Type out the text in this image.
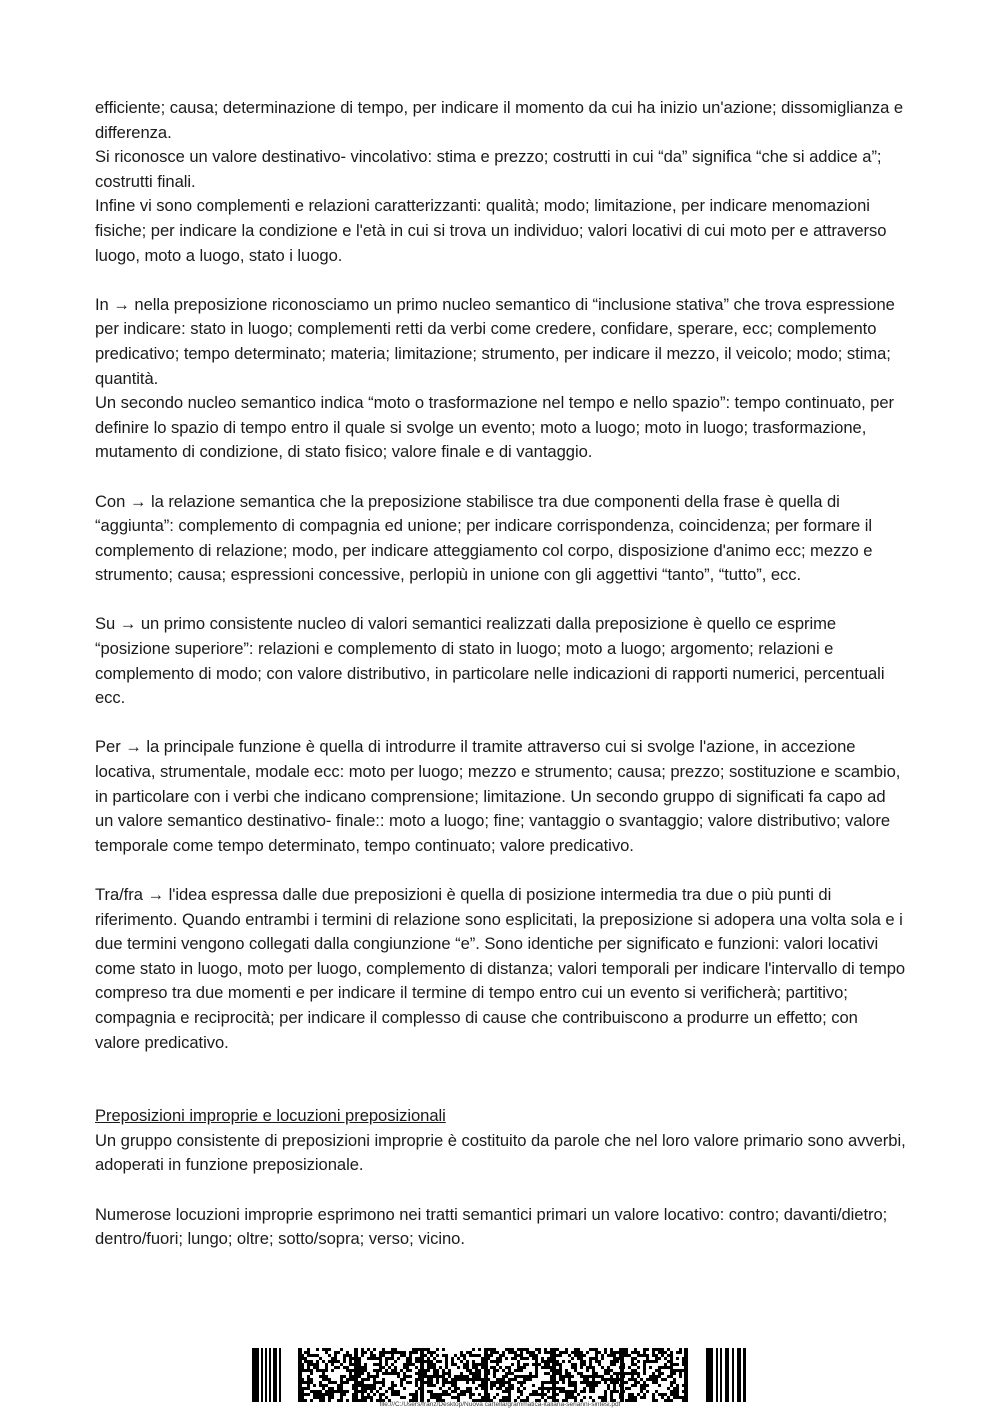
efficiente; causa; determinazione di tempo, per indicare il momento da cui ha inizio un'azione; dissomiglianza e differenza.
Si riconosce un valore destinativo- vincolativo: stima e prezzo; costrutti in cui “da” significa “che si addice a”; costrutti finali.
Infine vi sono complementi e relazioni caratterizzanti: qualità; modo; limitazione, per indicare menomazioni fisiche; per indicare la condizione e l'età in cui si trova un individuo; valori locativi di cui moto per e attraverso luogo, moto a luogo, stato i luogo.

In → nella preposizione riconosciamo un primo nucleo semantico di “inclusione stativa” che trova espressione per indicare: stato in luogo; complementi retti da verbi come credere, confidare, sperare, ecc; complemento predicativo; tempo determinato; materia; limitazione; strumento, per indicare il mezzo, il veicolo; modo; stima; quantità.
Un secondo nucleo semantico indica “moto o trasformazione nel tempo e nello spazio”: tempo continuato, per definire lo spazio di tempo entro il quale si svolge un evento; moto a luogo; moto in luogo; trasformazione, mutamento di condizione, di stato fisico; valore finale e di vantaggio.

Con → la relazione semantica che la preposizione stabilisce tra due componenti della frase è quella di “aggiunta”: complemento di compagnia ed unione; per indicare corrispondenza, coincidenza; per formare il complemento di relazione; modo, per indicare atteggiamento col corpo, disposizione d'animo ecc; mezzo e strumento; causa; espressioni concessive, perlopiù in unione con gli aggettivi “tanto”, “tutto”, ecc.

Su → un primo consistente nucleo di valori semantici realizzati dalla preposizione è quello ce esprime “posizione superiore”: relazioni e complemento di stato in luogo; moto a luogo; argomento; relazioni e complemento di modo; con valore distributivo, in particolare nelle indicazioni di rapporti numerici, percentuali ecc.

Per → la principale funzione è quella di introdurre il tramite attraverso cui si svolge l'azione, in accezione locativa, strumentale, modale ecc: moto per luogo; mezzo e strumento; causa; prezzo; sostituzione e scambio, in particolare con i verbi che indicano comprensione; limitazione. Un secondo gruppo di significati fa capo ad un valore semantico destinativo- finale:: moto a luogo; fine; vantaggio o svantaggio; valore distributivo; valore temporale come tempo determinato, tempo continuato; valore predicativo.

Tra/fra → l'idea espressa dalle due preposizioni è quella di posizione intermedia tra due o più punti di riferimento. Quando entrambi i termini di relazione sono esplicitati, la preposizione si adopera una volta sola e i due termini vengono collegati dalla congiunzione “e”. Sono identiche per significato e funzioni: valori locativi come stato in luogo, moto per luogo, complemento di distanza; valori temporali per indicare l'intervallo di tempo compreso tra due momenti e per indicare il termine di tempo entro cui un evento si verificherà; partitivo; compagnia e reciprocità; per indicare il complesso di cause che contribuiscono a produrre un effetto; con valore predicativo.

Preposizioni improprie e locuzioni preposizionali

Un gruppo consistente di preposizioni improprie è costituito da parole che nel loro valore primario sono avverbi, adoperati in funzione preposizionale.

Numerose locuzioni improprie esprimono nei tratti semantici primari un valore locativo: contro; davanti/dietro; dentro/fuori; lungo; oltre; sotto/sopra; verso; vicino.

file:///C:/Users/franz/Desktop/Nuova cartella/grammatica-italiana-serianni-sintesi.pdf
